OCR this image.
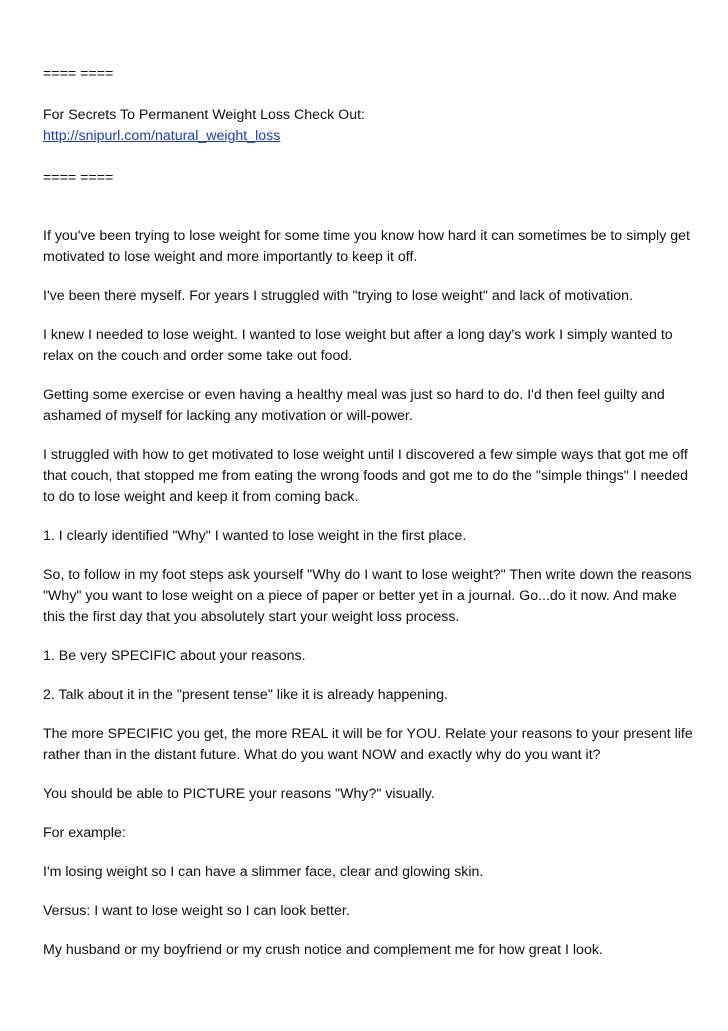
==== ====

For Secrets To Permanent Weight Loss Check Out:

http://snipurl.com/natural_weight_loss

==== ====

If you've been trying to lose weight for some time you know how hard it can sometimes be to simply get motivated to lose weight and more importantly to keep it off.

I've been there myself. For years I struggled with "trying to lose weight" and lack of motivation.

I knew I needed to lose weight. I wanted to lose weight but after a long day's work I simply wanted to relax on the couch and order some take out food.

Getting some exercise or even having a healthy meal was just so hard to do. I'd then feel guilty and ashamed of myself for lacking any motivation or will-power.

I struggled with how to get motivated to lose weight until I discovered a few simple ways that got me off that couch, that stopped me from eating the wrong foods and got me to do the "simple things" I needed to do to lose weight and keep it from coming back.

1. I clearly identified "Why" I wanted to lose weight in the first place.

So, to follow in my foot steps ask yourself "Why do I want to lose weight?" Then write down the reasons "Why" you want to lose weight on a piece of paper or better yet in a journal. Go...do it now. And make this the first day that you absolutely start your weight loss process.

1. Be very SPECIFIC about your reasons.

2. Talk about it in the "present tense" like it is already happening.

The more SPECIFIC you get, the more REAL it will be for YOU. Relate your reasons to your present life rather than in the distant future. What do you want NOW and exactly why do you want it?

You should be able to PICTURE your reasons "Why?" visually.

For example:

I'm losing weight so I can have a slimmer face, clear and glowing skin.

Versus: I want to lose weight so I can look better.

My husband or my boyfriend or my crush notice and complement me for how great I look.
